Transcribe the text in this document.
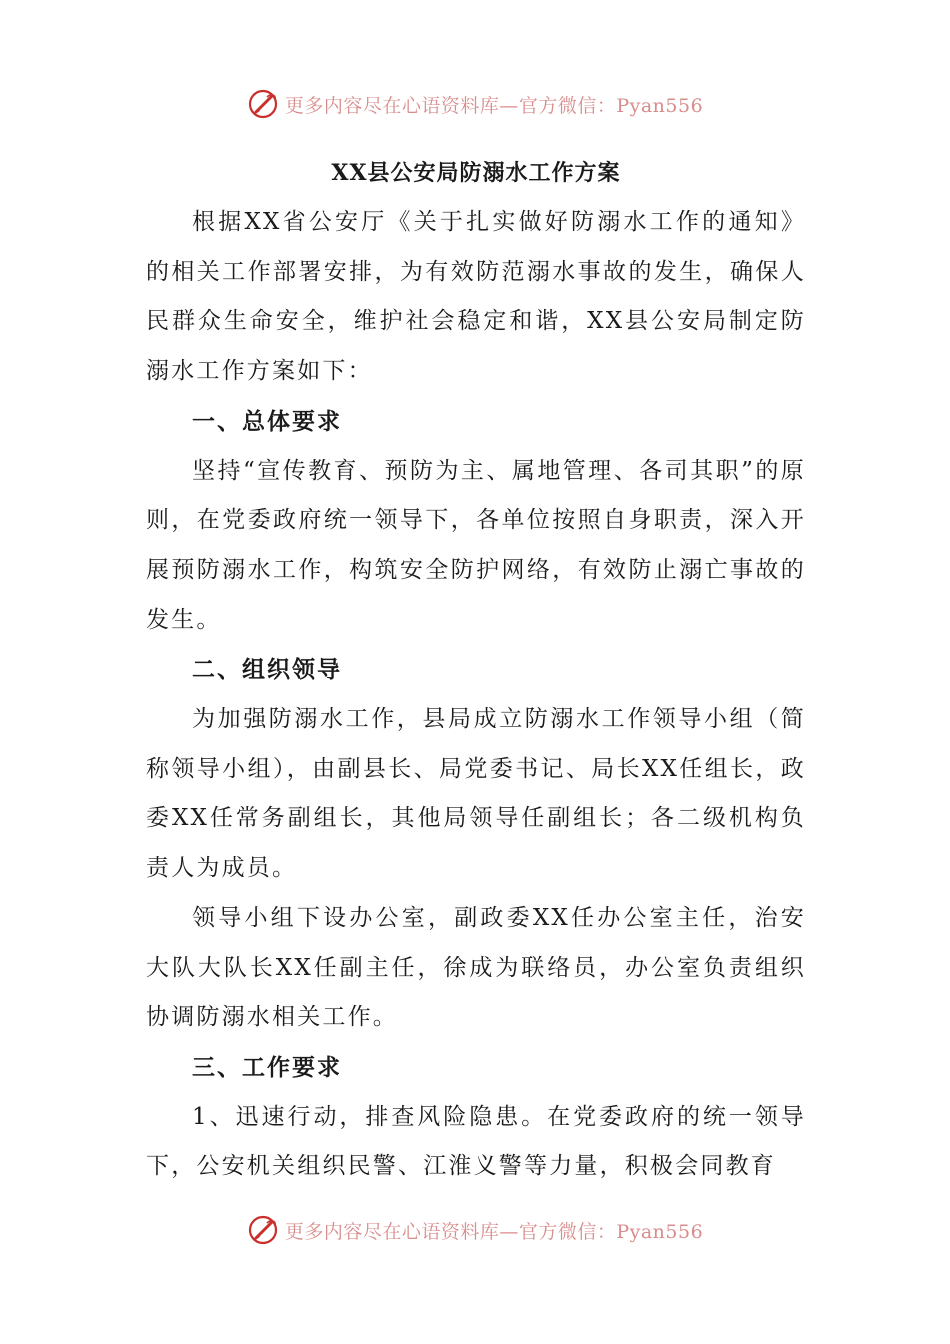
更多内容尽在心语资料库—官方微信：Pyan556
XX县公安局防溺水工作方案

根据XX省公安厅《关于扎实做好防溺水工作的通知》的相关工作部署安排，为有效防范溺水事故的发生，确保人民群众生命安全，维护社会稳定和谐，XX县公安局制定防溺水工作方案如下：

一、总体要求

坚持“宣传教育、预防为主、属地管理、各司其职”的原则，在党委政府统一领导下，各单位按照自身职责，深入开展预防溺水工作，构筑安全防护网络，有效防止溺亡事故的发生。

二、组织领导

为加强防溺水工作，县局成立防溺水工作领导小组（简称领导小组），由副县长、局党委书记、局长XX任组长，政委XX任常务副组长，其他局领导任副组长；各二级机构负责人为成员。

领导小组下设办公室，副政委XX任办公室主任，治安大队大队长XX任副主任，徐成为联络员，办公室负责组织协调防溺水相关工作。

三、工作要求

1、迅速行动，排查风险隐患。在党委政府的统一领导下，公安机关组织民警、江淮义警等力量，积极会同教育

更多内容尽在心语资料库—官方微信：Pyan556
